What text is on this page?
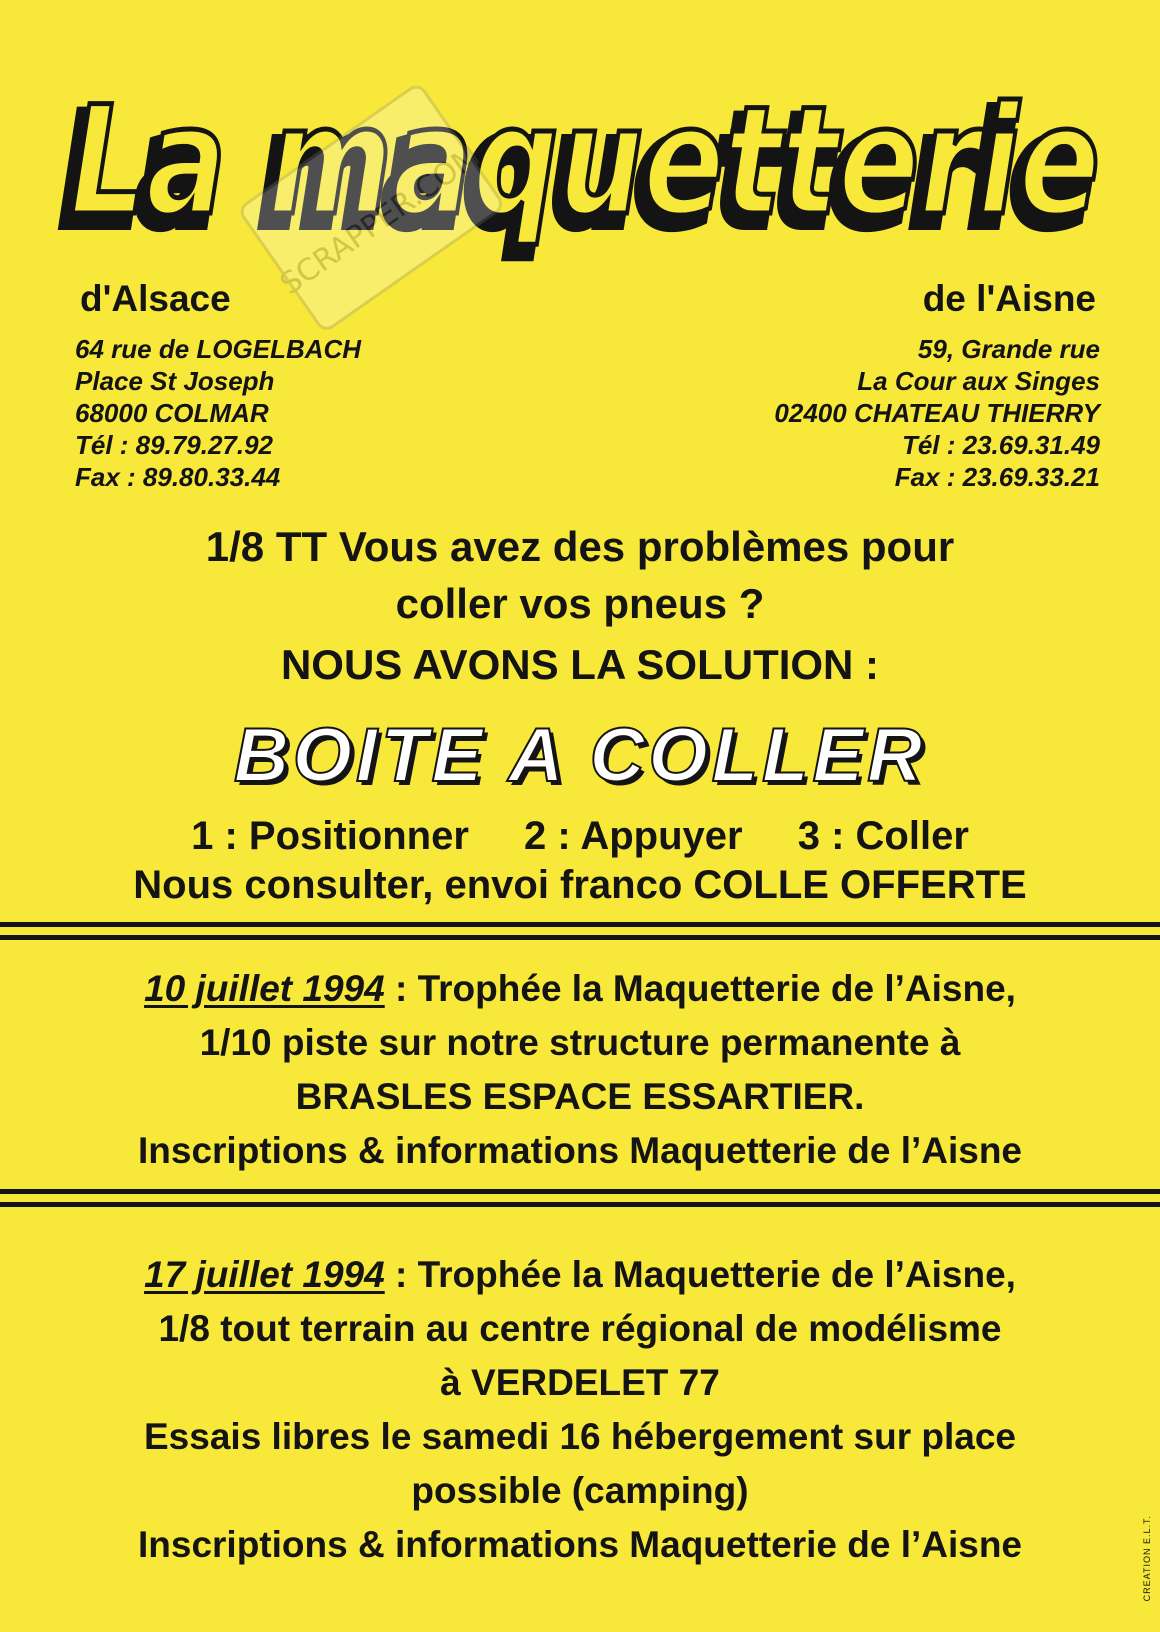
La maquetterie
La maquetterie
SCRAPPER.COM
d'Alsace
64 rue de LOGELBACH
Place St Joseph
68000 COLMAR
Tél : 89.79.27.92
Fax : 89.80.33.44
de l'Aisne
59, Grande rue
La Cour aux Singes
02400 CHATEAU THIERRY
Tél : 23.69.31.49
Fax : 23.69.33.21
1/8 TT Vous avez des problèmes pour
coller vos pneus ?
NOUS AVONS LA SOLUTION :
BOITE A COLLER
1 : Positionner 2 : Appuyer 3 : Coller
Nous consulter, envoi franco COLLE OFFERTE
10 juillet 1994 : Trophée la Maquetterie de l’Aisne,
1/10 piste sur notre structure permanente à
BRASLES ESPACE ESSARTIER.
Inscriptions & informations Maquetterie de l’Aisne
17 juillet 1994 : Trophée la Maquetterie de l’Aisne,
1/8 tout terrain au centre régional de modélisme
à VERDELET 77
Essais libres le samedi 16 hébergement sur place
possible (camping)
Inscriptions & informations Maquetterie de l’Aisne	CREATION E.L.T.
